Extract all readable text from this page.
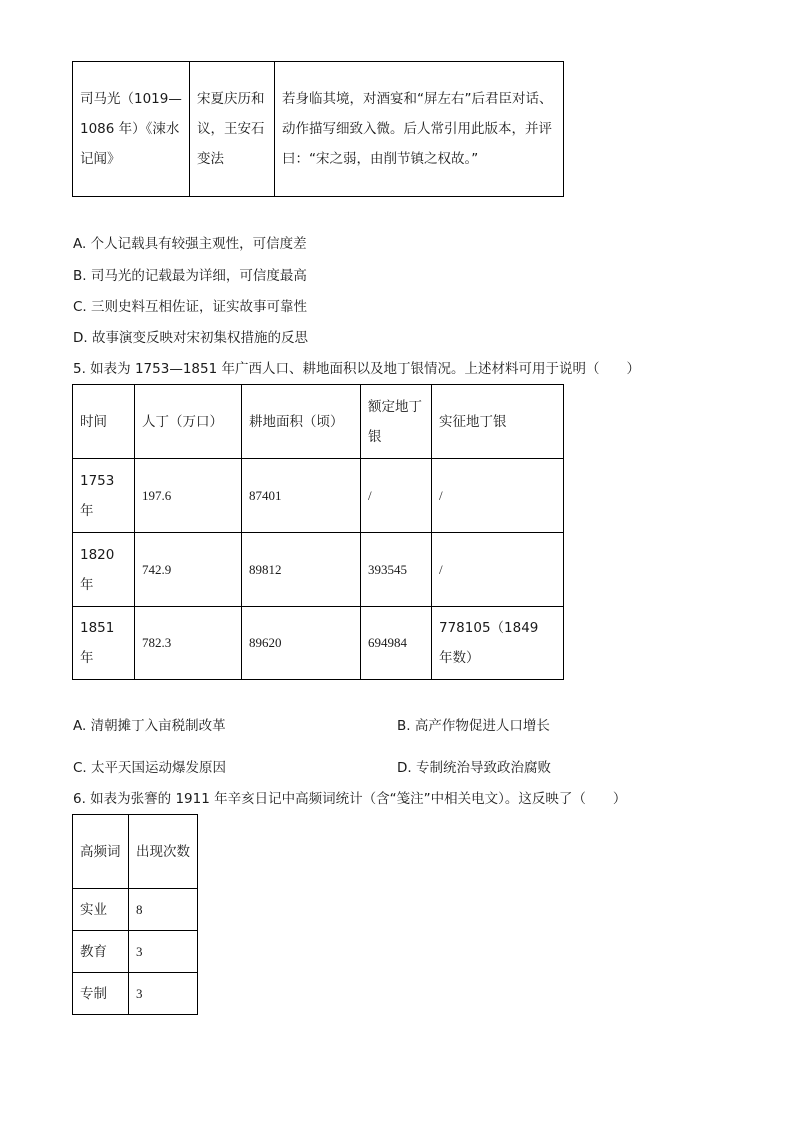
司马光（1019—1086 年）《涑水记闻》	宋夏庆历和议，王安石变法	若身临其境，对酒宴和“屏左右”后君臣对话、动作描写细致入微。后人常引用此版本，并评曰：“宋之弱，由削节镇之权故。”
A. 个人记载具有较强主观性，可信度差
B. 司马光的记载最为详细，可信度最高
C. 三则史料互相佐证，证实故事可靠性
D. 故事演变反映对宋初集权措施的反思
5. 如表为 1753—1851 年广西人口、耕地面积以及地丁银情况。上述材料可用于说明（　　）
时间	人丁（万口）	耕地面积（顷）	额定地丁银	实征地丁银
1753 年	197.6	87401	/	/
1820 年	742.9	89812	393545	/
1851 年	782.3	89620	694984	778105（1849 年数）
A. 清朝摊丁入亩税制改革	B. 高产作物促进人口增长
C. 太平天国运动爆发原因	D. 专制统治导致政治腐败
6. 如表为张謇的 1911 年辛亥日记中高频词统计（含“笺注”中相关电文）。这反映了（　　）
高频词	出现次数
实业	8
教育	3
专制	3
